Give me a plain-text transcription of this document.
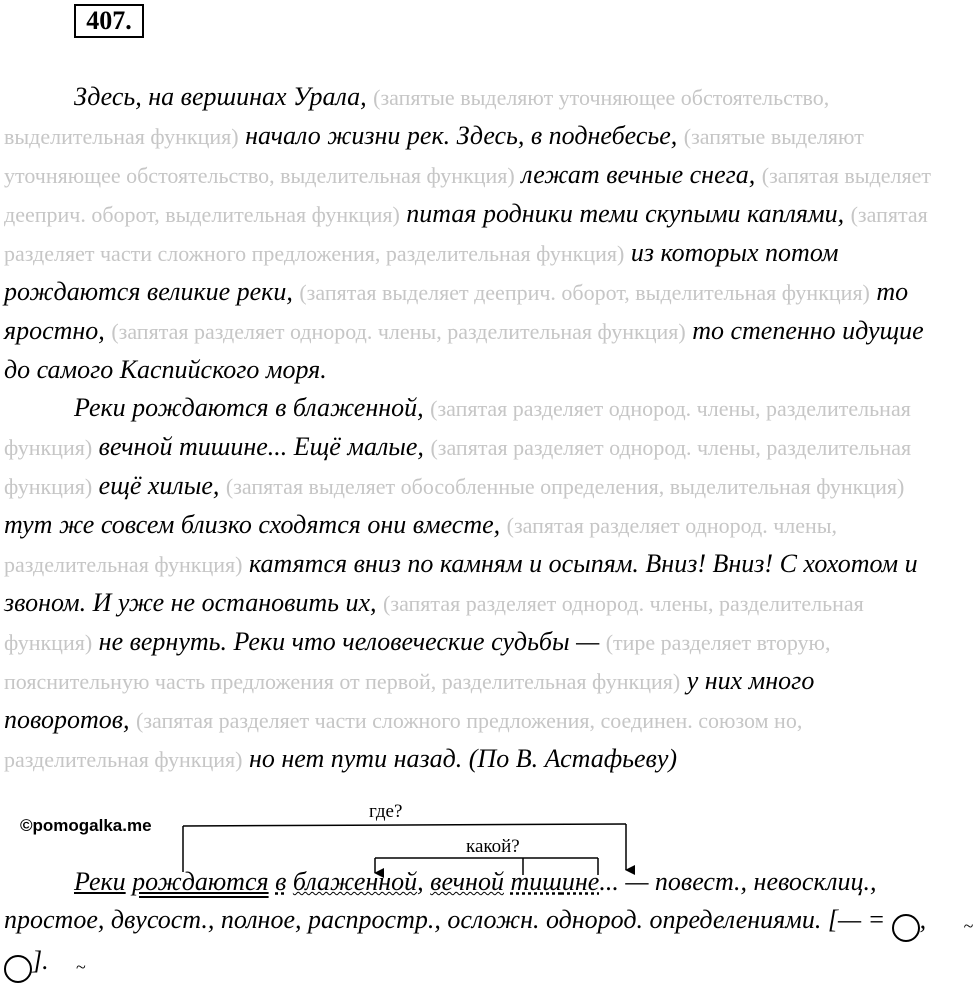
407.

Здесь, на вершинах Урала, (запятые выделяют уточняющее обстоятельство, выделительная функция) начало жизни рек. Здесь, в поднебесье, (запятые выделяют уточняющее обстоятельство, выделительная функция) лежат вечные снега, (запятая выделяет дееприч. оборот, выделительная функция) питая родники теми скупыми каплями, (запятая разделяет части сложного предложения, разделительная функция) из которых потом рождаются великие реки, (запятая выделяет дееприч. оборот, выделительная функция) то яростно, (запятая разделяет однород. члены, разделительная функция) то степенно идущие до самого Каспийского моря.

Реки рождаются в блаженной, (запятая разделяет однород. члены, разделительная функция) вечной тишине... Ещё малые, (запятая разделяет однород. члены, разделительная функция) ещё хилые, (запятая выделяет обособленные определения, выделительная функция) тут же совсем близко сходятся они вместе, (запятая разделяет однород. члены, разделительная функция) катятся вниз по камням и осыпям. Вниз! Вниз! С хохотом и звоном. И уже не остановить их, (запятая разделяет однород. члены, разделительная функция) не вернуть. Реки что человеческие судьбы — (тире разделяет вторую, пояснительную часть предложения от первой, разделительная функция) у них много поворотов, (запятая разделяет части сложного предложения, соединен. союзом но, разделительная функция) но нет пути назад. (По В. Астафьеву)

©pomogalka.me
где?
какой?

Реки рождаются в блаженной, вечной тишине... — повест., невосклиц., простое, двусост., полное, распростр., осложн. однород. определениями. [— =	~,~].
